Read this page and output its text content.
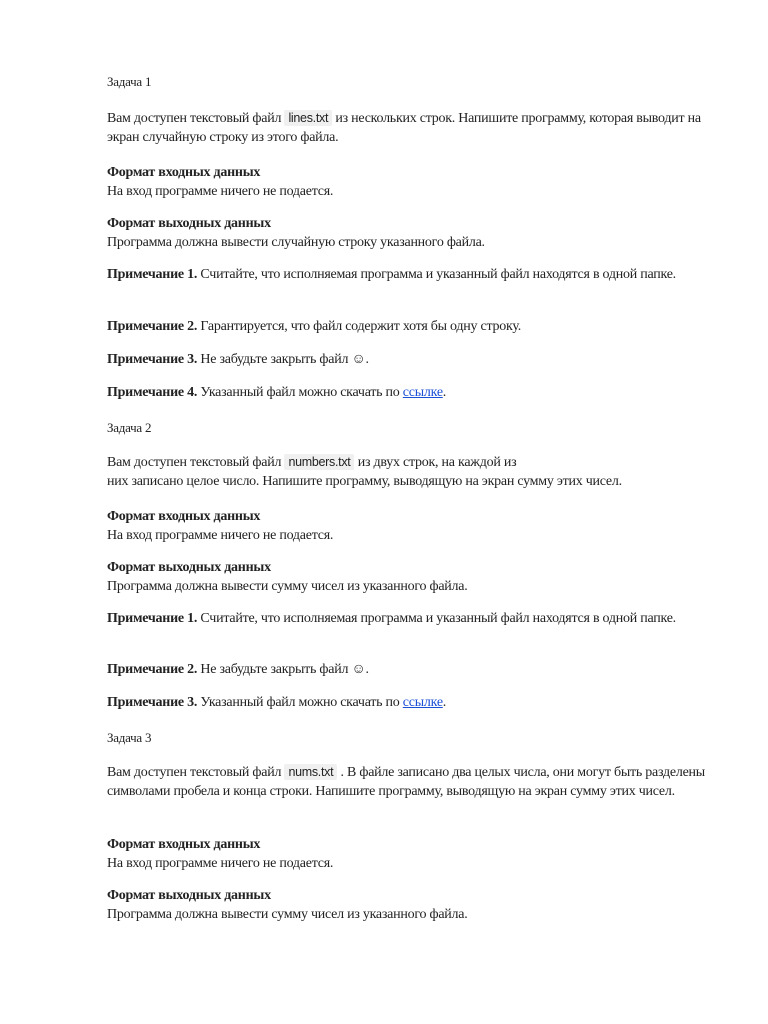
Задача 1

Вам доступен текстовый файл lines.txt из нескольких строк. Напишите программу, которая выводит на экран случайную строку из этого файла.

Формат входных данных
На вход программе ничего не подается.

Формат выходных данных
Программа должна вывести случайную строку указанного файла.

Примечание 1. Считайте, что исполняемая программа и указанный файл находятся в одной папке.

Примечание 2. Гарантируется, что файл содержит хотя бы одну строку.

Примечание 3. Не забудьте закрыть файл ☺.

Примечание 4. Указанный файл можно скачать по ссылке.

Задача 2

Вам доступен текстовый файл numbers.txt из двух строк, на каждой из
них записано целое число. Напишите программу, выводящую на экран сумму этих чисел.

Формат входных данных
На вход программе ничего не подается.

Формат выходных данных
Программа должна вывести сумму чисел из указанного файла.

Примечание 1. Считайте, что исполняемая программа и указанный файл находятся в одной папке.

Примечание 2. Не забудьте закрыть файл ☺.

Примечание 3. Указанный файл можно скачать по ссылке.

Задача 3

Вам доступен текстовый файл nums.txt . В файле записано два целых числа, они могут быть разделены символами пробела и конца строки. Напишите программу, выводящую на экран сумму этих чисел.

Формат входных данных
На вход программе ничего не подается.

Формат выходных данных
Программа должна вывести сумму чисел из указанного файла.
